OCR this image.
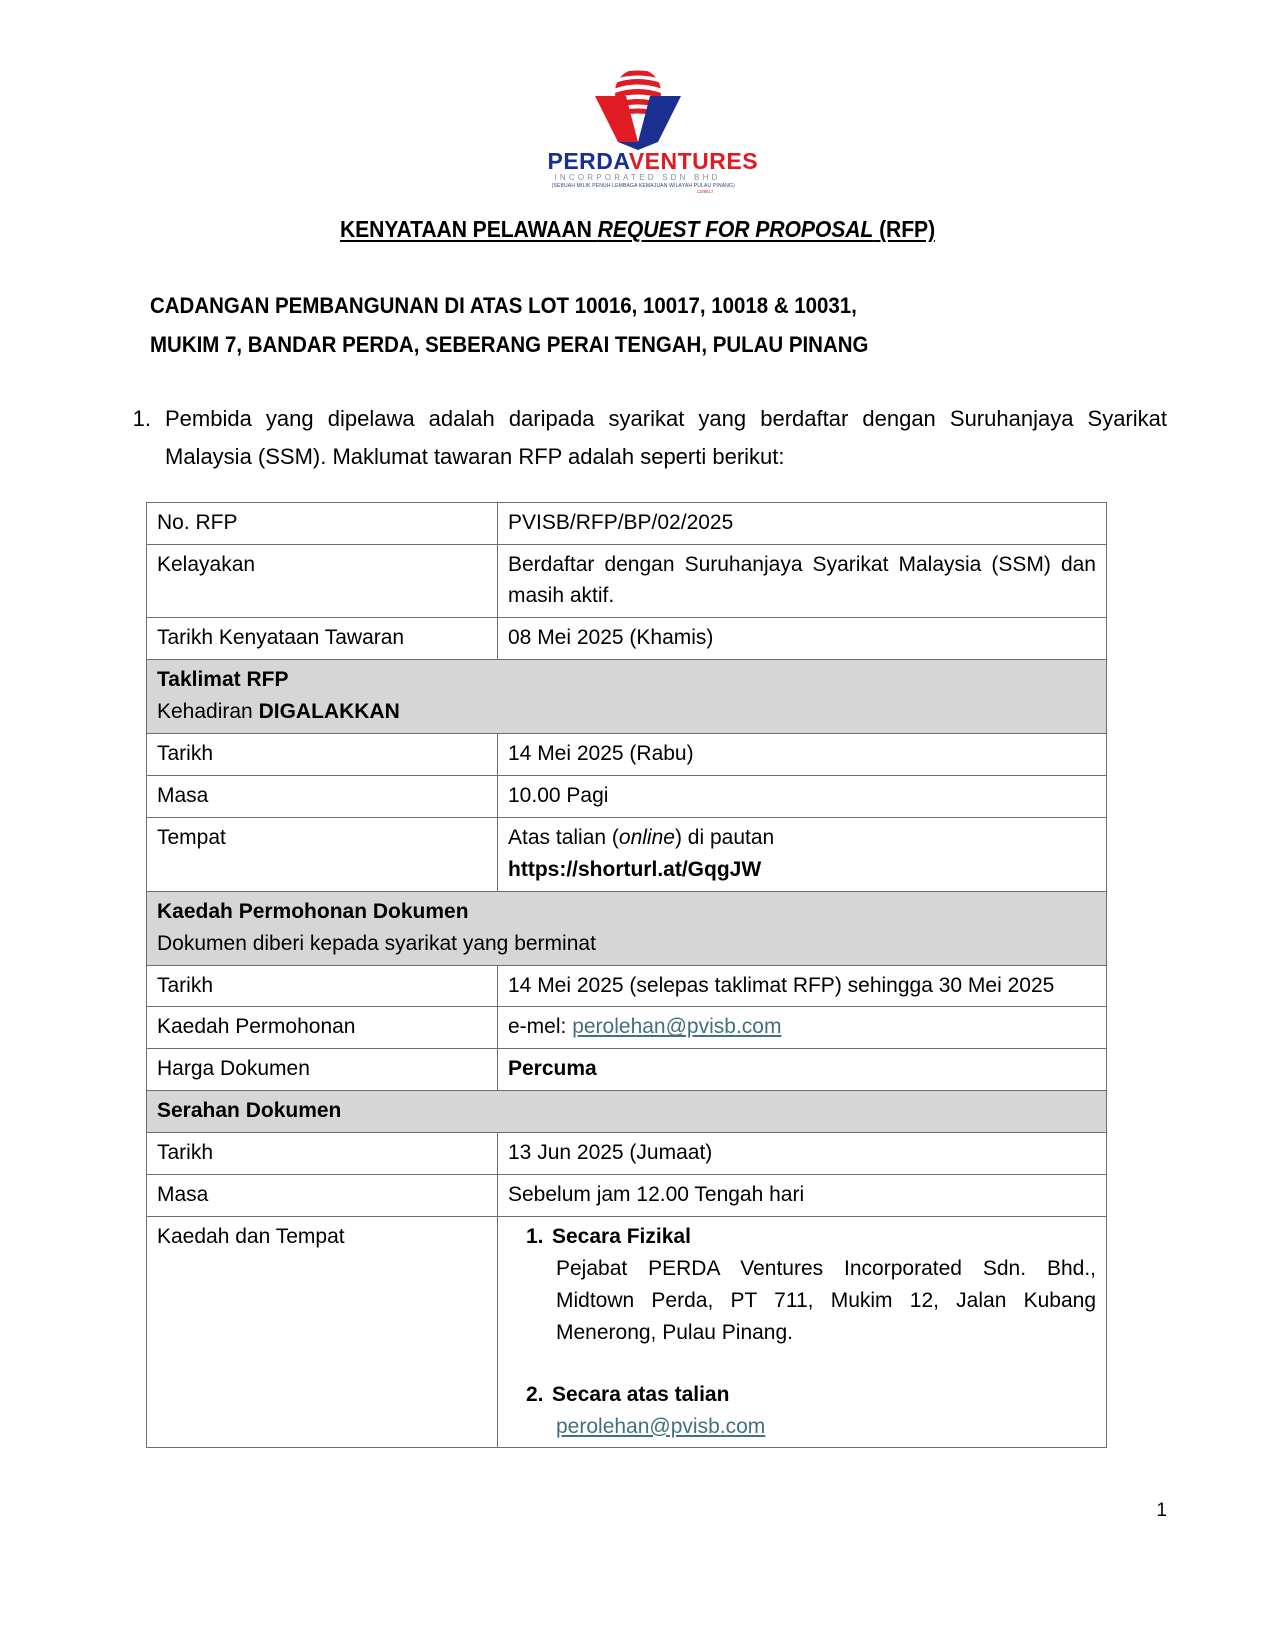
PERDAVENTURES
INCORPORATED SDN BHD
(SEBUAH MILIK PENUH LEMBAGA KEMAJUAN WILAYAH PULAU PINANG)
1188617
KENYATAAN PELAWAAN REQUEST FOR PROPOSAL (RFP)
CADANGAN PEMBANGUNAN DI ATAS LOT 10016, 10017, 10018 & 10031,
MUKIM 7, BANDAR PERDA, SEBERANG PERAI TENGAH, PULAU PINANG
1. Pembida yang dipelawa adalah daripada syarikat yang berdaftar dengan Suruhanjaya Syarikat Malaysia (SSM). Maklumat tawaran RFP adalah seperti berikut:
No. RFP	PVISB/RFP/BP/02/2025
Kelayakan	Berdaftar dengan Suruhanjaya Syarikat Malaysia (SSM) dan masih aktif.
Tarikh Kenyataan Tawaran	08 Mei 2025 (Khamis)

Taklimat RFP
Kehadiran DIGALAKKAN	

Tarikh	14 Mei 2025 (Rabu)
Masa	10.00 Pagi
Tempat	Atas talian (online) di pautan
https://shorturl.at/GqgJW

Kaedah Permohonan Dokumen
Dokumen diberi kepada syarikat yang berminat	

Tarikh	14 Mei 2025 (selepas taklimat RFP) sehingga 30 Mei 2025
Kaedah Permohonan	e-mel: perolehan@pvisb.com
Harga Dokumen	Percuma
Serahan Dokumen	
Tarikh	13 Jun 2025 (Jumaat)
Masa	Sebelum jam 12.00 Tengah hari
Kaedah dan Tempat	1. Secara Fizikal
Pejabat PERDA Ventures Incorporated Sdn. Bhd., Midtown Perda, PT 711, Mukim 12, Jalan Kubang Menerong, Pulau Pinang.
2. Secara atas talian
perolehan@pvisb.com
1
